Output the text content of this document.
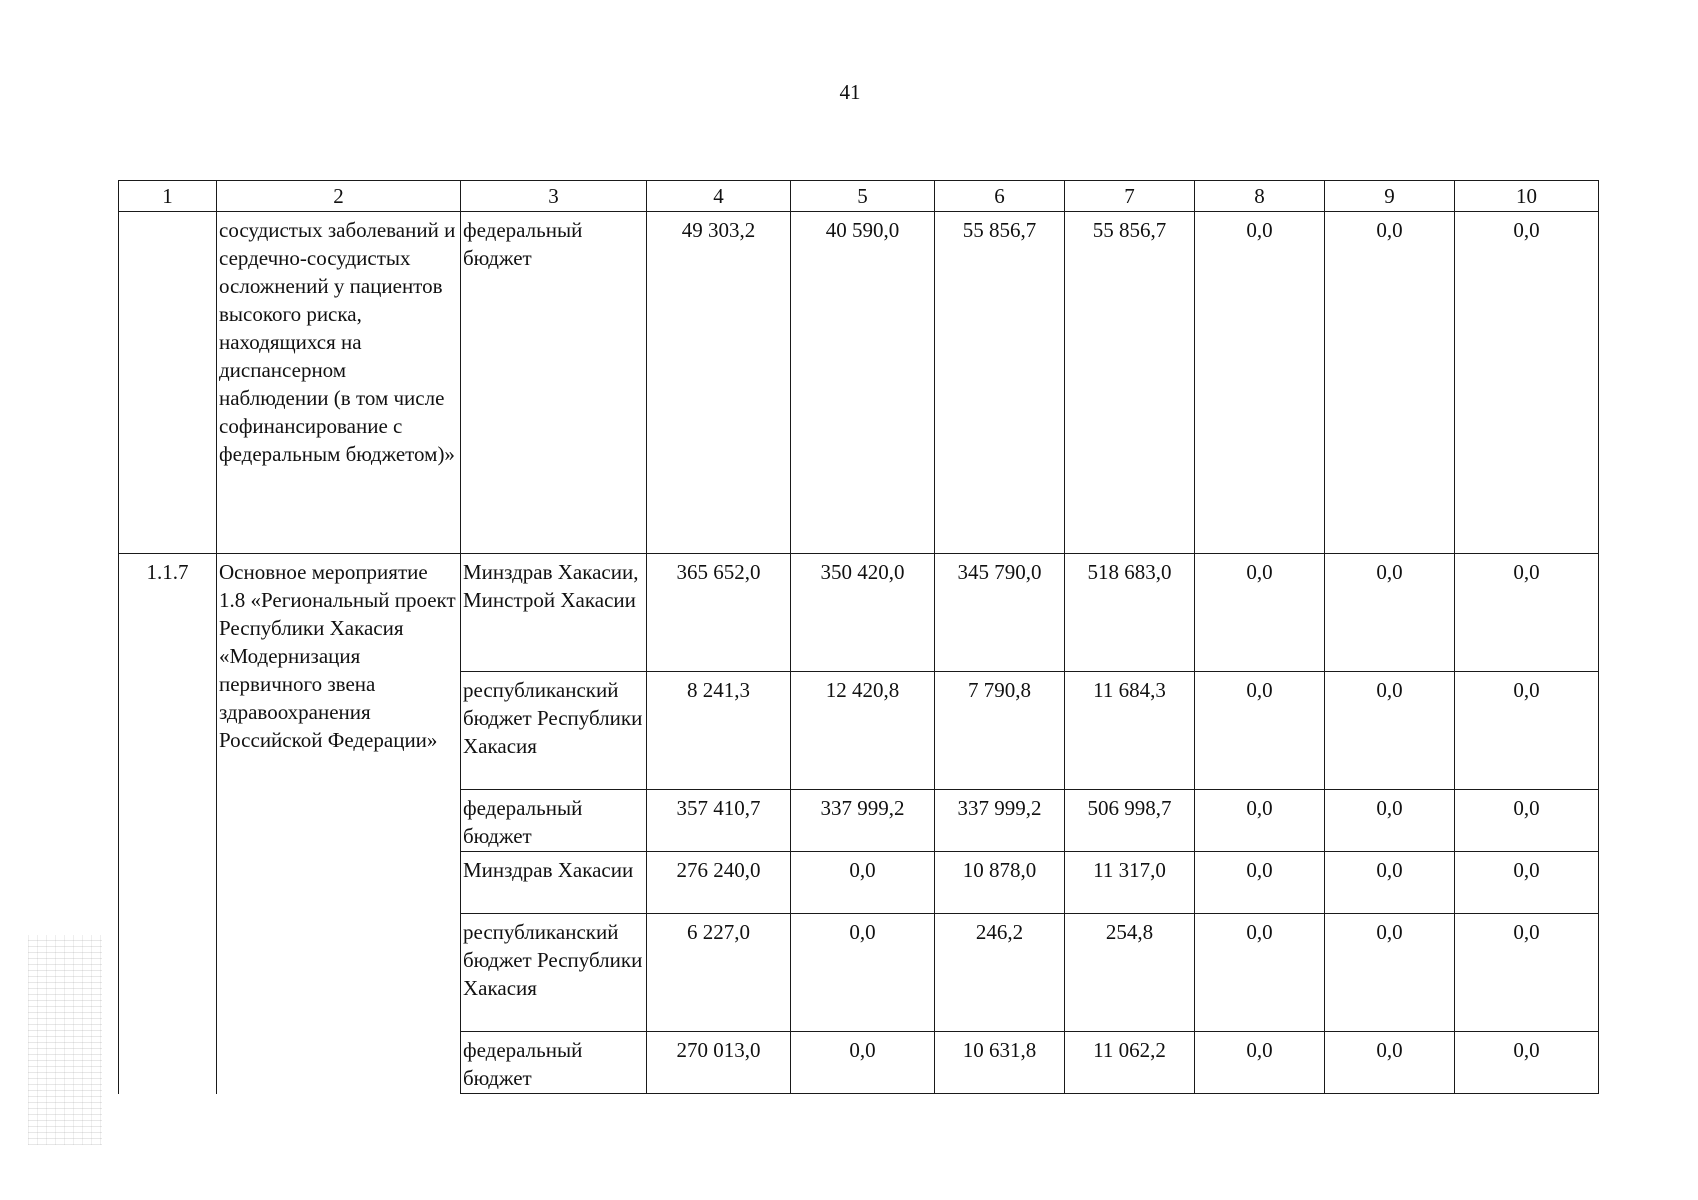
41
1	2	3	4	5	6	7	8	9	10
	сосудистых заболеваний и сердечно-сосудистых осложнений у пациентов высокого риска, находящихся на диспансерном наблюдении (в том числе софинансирование с федеральным бюджетом)»	федеральный бюджет	49 303,2	40 590,0	55 856,7	55 856,7	0,0	0,0	0,0
1.1.7	Основное мероприятие 1.8 «Региональный проект Республики Хакасия «Модернизация первичного звена здравоохранения Российской Федерации»	Минздрав Хакасии, Минстрой Хакасии	365 652,0	350 420,0	345 790,0	518 683,0	0,0	0,0	0,0
		республиканский бюджет Республики Хакасия	8 241,3	12 420,8	7 790,8	11 684,3	0,0	0,0	0,0
		федеральный бюджет	357 410,7	337 999,2	337 999,2	506 998,7	0,0	0,0	0,0
		Минздрав Хакасии	276 240,0	0,0	10 878,0	11 317,0	0,0	0,0	0,0
		республиканский бюджет Республики Хакасия	6 227,0	0,0	246,2	254,8	0,0	0,0	0,0
		федеральный бюджет	270 013,0	0,0	10 631,8	11 062,2	0,0	0,0	0,0
